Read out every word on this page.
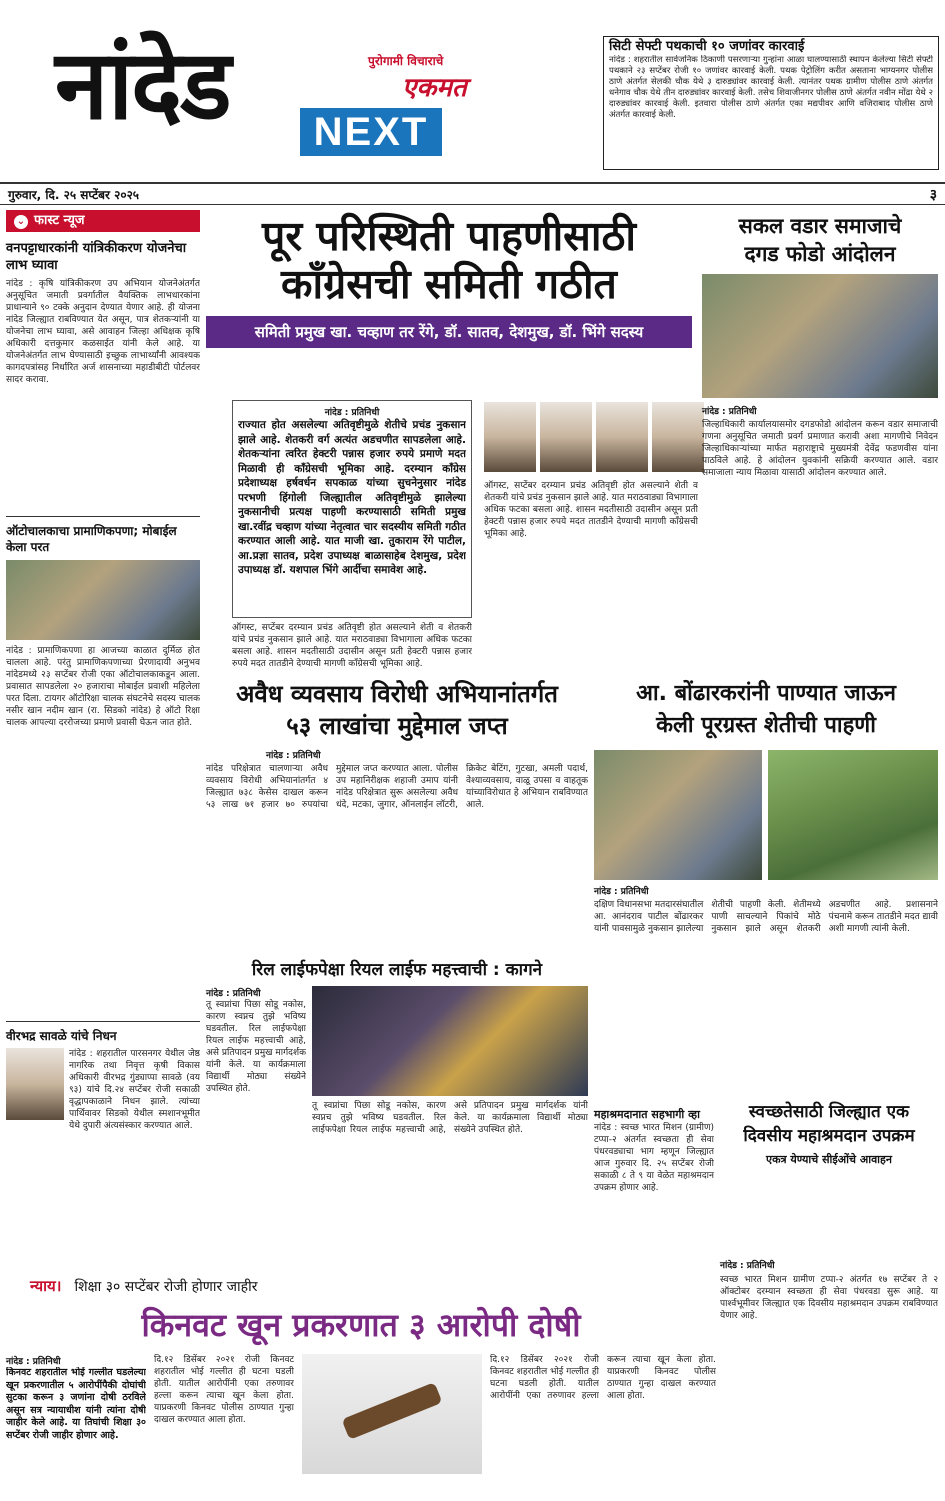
नांदेड	पुरोगामी विचाराचे
एकमत
NEXT
सिटी सेफ्टी पथकाची १० जणांवर कारवाई
नांदेड : शहरातील सार्वजनिक ठिकाणी पसरणाऱ्या गुन्हांना आळा घालण्यासाठी स्थापन केलेल्या सिटी सेफ्टी पथकाने २३ सप्टेंबर रोजी १० जणांवर कारवाई केली. पथक पेट्रोलिंग करीत असताना भाग्यनगर पोलीस ठाणे अंतर्गत सेलकी चौक येथे ३ दारुड्यांवर कारवाई केली. त्यानंतर पथक ग्रामीण पोलीस ठाणे अंतर्गत धनेगाव चौक येथे तीन दारुड्यांवर कारवाई केली. तसेच शिवाजीनगर पोलीस ठाणे अंतर्गत नवीन मोंढा येथे २ दारुड्यांवर कारवाई केली. इतवारा पोलीस ठाणे अंतर्गत एका मद्यपीवर आणि वजिराबाद पोलीस ठाणे अंतर्गत कारवाई केली.
गुरुवार, दि. २५ सप्टेंबर २०२५	३
⌄ फास्ट न्यूज
वनपट्टाधारकांनी यांत्रिकीकरण योजनेचा लाभ घ्यावा
नांदेड : कृषि यांत्रिकीकरण उप अभियान योजनेअंतर्गत अनुसूचित जमाती प्रवर्गातील वैयक्तिक लाभधारकांना प्राधान्याने ९० टक्के अनुदान देण्यात येणार आहे. ही योजना नांदेड जिल्ह्यात राबविण्यात येत असून, पात्र शेतकऱ्यांनी या योजनेचा लाभ घ्यावा, असे आवाहन जिल्हा अधिक्षक कृषि अधिकारी दत्तकुमार कळसाईत यांनी केले आहे. या योजनेअंतर्गत लाभ घेण्यासाठी इच्छुक लाभार्थ्यांनी आवश्यक कागदपत्रांसह निर्धारित अर्ज शासनाच्या महाडीबीटी पोर्टलवर सादर करावा.
ऑटोचालकाचा प्रामाणिकपणा; मोबाईल केला परत
नांदेड : प्रामाणिकपणा हा आजच्या काळात दुर्मिळ होत चालला आहे. परंतु प्रामाणिकपणाच्या प्रेरणादायी अनुभव नांदेडमध्ये २३ सप्टेंबर रोजी एका ऑटोचालकाकडून आला. प्रवासात सापडलेला २० हजाराचा मोबाईल प्रवाशी महिलेला परत दिला. टायगर ऑटोरिक्षा चालक संघटनेचे सदस्य चालक नसीर खान नदीम खान (रा. सिडको नांदेड) हे ऑटो रिक्षा चालक आपल्या दररोजच्या प्रमाणे प्रवासी घेऊन जात होते.
वीरभद्र सावळे यांचे निधन
नांदेड : शहरातील पारसनगर येथील जेष्ठ नागरिक तथा निवृत्त कृषी विकास अधिकारी वीरभद्र गुंड्याप्पा सावळे (वय ९३) यांचे दि.२४ सप्टेंबर रोजी सकाळी वृद्धापकाळाने निधन झाले. त्यांच्या पार्थिवावर सिडको येथील स्मशानभूमीत येथे दुपारी अंत्यसंस्कार करण्यात आले.
पूर परिस्थिती पाहणीसाठी
काँग्रेसची समिती गठीत
समिती प्रमुख खा. चव्हाण तर रेंगे, डॉ. सातव, देशमुख, डॉ. भिंगे सदस्य
नांदेड : प्रतिनिधी
राज्यात होत असलेल्या अतिवृष्टीमुळे शेतीचे प्रचंड नुकसान झाले आहे. शेतकरी वर्ग अत्यंत अडचणीत सापडलेला आहे. शेतकऱ्यांना त्वरित हेक्टरी पन्नास हजार रुपये प्रमाणे मदत मिळावी ही काँग्रेसची भूमिका आहे. दरम्यान काँग्रेस प्रदेशाध्यक्ष हर्षवर्धन सपकाळ यांच्या सुचनेनुसार नांदेड परभणी हिंगोली जिल्ह्यातील अतिवृष्टीमुळे झालेल्या नुकसानीची प्रत्यक्ष पाहणी करण्यासाठी समिती प्रमुख खा.रवींद्र चव्हाण यांच्या नेतृत्वात चार सदस्यीय समिती गठीत करण्यात आली आहे. यात माजी खा. तुकाराम रेंगे पाटील, आ.प्रज्ञा सातव, प्रदेश उपाध्यक्ष बाळासाहेब देशमुख, प्रदेश उपाध्यक्ष डॉ. यशपाल भिंगे आर्दीचा समावेश आहे.
ऑगस्ट, सप्टेंबर दरम्यान प्रचंड अतिवृष्टी होत असल्याने शेती व शेतकरी यांचे प्रचंड नुकसान झाले आहे. यात मराठवाड्या विभागाला अधिक फटका बसला आहे. शासन मदतीसाठी उदासीन असून प्रती हेक्टरी पन्नास हजार रुपये मदत तातडीने देण्याची मागणी काँग्रेसची भूमिका आहे.
ऑगस्ट, सप्टेंबर दरम्यान प्रचंड अतिवृष्टी होत असल्याने शेती व शेतकरी यांचे प्रचंड नुकसान झाले आहे. यात मराठवाड्या विभागाला अधिक फटका बसला आहे. शासन मदतीसाठी उदासीन असून प्रती हेक्टरी पन्नास हजार रुपये मदत तातडीने देण्याची मागणी काँग्रेसची भूमिका आहे.
सकल वडार समाजाचे
दगड फोडो आंदोलन
नांदेड : प्रतिनिधी
जिल्हाधिकारी कार्यालयासमोर दगडफोडो आंदोलन करून वडार समाजाची गणना अनुसूचित जमाती प्रवर्ग प्रमाणात करावी अशा मागणीचे निवेदन जिल्हाधिकाऱ्यांच्या मार्फत महाराष्ट्राचे मुख्यमंत्री देवेंद्र फडणवीस यांना पाठविले आहे. हे आंदोलन युवकांनी सक्रियी करण्यात आले. वडार समाजाला न्याय मिळावा यासाठी आंदोलन करण्यात आले.
अवैध व्यवसाय विरोधी अभियानांतर्गत
५३ लाखांचा मुद्देमाल जप्त
नांदेड : प्रतिनिधी
नांदेड परिक्षेत्रात चालणाऱ्या अवैध व्यवसाय विरोधी अभियानांतर्गत ४ जिल्ह्यात ७३८ केसेस दाखल करून ५३ लाख ७१ हजार ७० रुपयांचा मुद्देमाल जप्त करण्यात आला. पोलीस उप महानिरीक्षक शहाजी उमाप यांनी नांदेड परिक्षेत्रात सुरू असलेल्या अवैध धंदे, मटका, जुगार, ऑनलाईन लॉटरी, क्रिकेट बेटिंग, गुटखा, अमली पदार्थ, वेश्याव्यवसाय, वाळू उपसा व वाहतूक यांच्याविरोधात हे अभियान राबविण्यात आले.
आ. बोंढारकरांनी पाण्यात जाऊन
केली पूरग्रस्त शेतीची पाहणी
नांदेड : प्रतिनिधी
दक्षिण विधानसभा मतदारसंघातील आ. आनंदराव पाटील बोंढारकर यांनी पावसामुळे नुकसान झालेल्या शेतीची पाहणी केली. शेतीमध्ये पाणी साचल्याने पिकांचे मोठे नुकसान झाले असून शेतकरी अडचणीत आहे. प्रशासनाने पंचनामे करून तातडीने मदत द्यावी अशी मागणी त्यांनी केली.
रिल लाईफपेक्षा रियल लाईफ महत्त्वाची : कागने
नांदेड : प्रतिनिधी
तू स्वप्नांचा पिछा सोडू नकोस, कारण स्वप्नच तुझे भविष्य घडवतील. रिल लाईफपेक्षा रियल लाईफ महत्त्वाची आहे, असे प्रतिपादन प्रमुख मार्गदर्शक यांनी केले. या कार्यक्रमाला विद्यार्थी मोठ्या संख्येने उपस्थित होते.
तू स्वप्नांचा पिछा सोडू नकोस, कारण स्वप्नच तुझे भविष्य घडवतील. रिल लाईफपेक्षा रियल लाईफ महत्त्वाची आहे, असे प्रतिपादन प्रमुख मार्गदर्शक यांनी केले. या कार्यक्रमाला विद्यार्थी मोठ्या संख्येने उपस्थित होते.
महाश्रमदानात सहभागी व्हा
नांदेड : स्वच्छ भारत मिशन (ग्रामीण) टप्पा-२ अंतर्गत स्वच्छता ही सेवा पंधरवड्याचा भाग म्हणून जिल्ह्यात आज गुरुवार दि. २५ सप्टेंबर रोजी सकाळी ८ ते ९ या वेळेत महाश्रमदान उपक्रम होणार आहे.
स्वच्छतेसाठी जिल्ह्यात एक
दिवसीय महाश्रमदान उपक्रम
एकत्र येण्याचे सीईओंचे आवाहन
न्याय। शिक्षा ३० सप्टेंबर रोजी होणार जाहीर
किनवट खून प्रकरणात ३ आरोपी दोषी
नांदेड : प्रतिनिधी
किनवट शहरातील भोई गल्लीत घडलेल्या खून प्रकरणातील ५ आरोपींपैकी दोघांची सुटका करून ३ जणांना दोषी ठरविले असून सत्र न्यायाधीश यांनी त्यांना दोषी जाहीर केले आहे. या तिघांची शिक्षा ३० सप्टेंबर रोजी जाहीर होणार आहे.
दि.१२ डिसेंबर २०२१ रोजी किनवट शहरातील भोई गल्लीत ही घटना घडली होती. यातील आरोपींनी एका तरुणावर हल्ला करून त्याचा खून केला होता. याप्रकरणी किनवट पोलीस ठाण्यात गुन्हा दाखल करण्यात आला होता.
दि.१२ डिसेंबर २०२१ रोजी किनवट शहरातील भोई गल्लीत ही घटना घडली होती. यातील आरोपींनी एका तरुणावर हल्ला करून त्याचा खून केला होता. याप्रकरणी किनवट पोलीस ठाण्यात गुन्हा दाखल करण्यात आला होता.
स्वच्छ भारत मिशन ग्रामीण टप्पा-२ अंतर्गत १७ सप्टेंबर ते २ ऑक्टोबर दरम्यान स्वच्छता ही सेवा पंधरवडा सुरू आहे. या पार्श्वभूमीवर जिल्ह्यात एक दिवसीय महाश्रमदान उपक्रम राबविण्यात येणार आहे.
नांदेड : प्रतिनिधी
